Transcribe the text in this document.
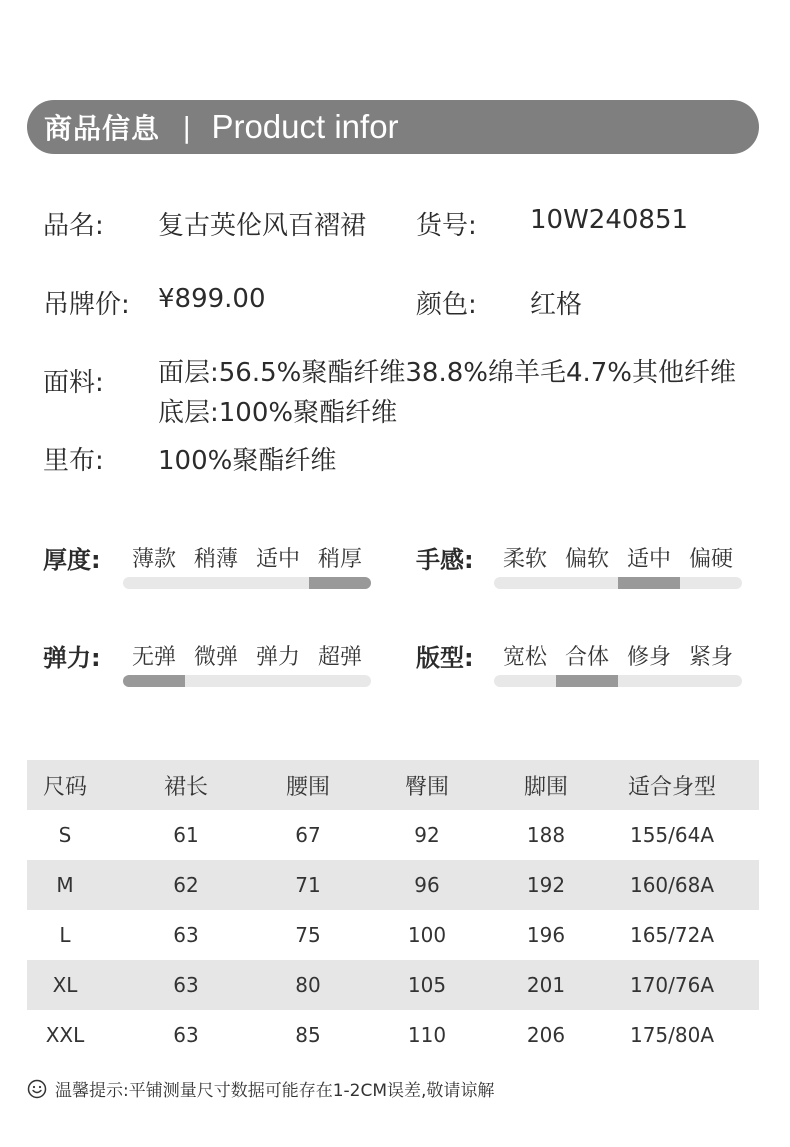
商品信息 | Product infor
品名: 复古英伦风百褶裙 货号: 10W240851
吊牌价: ¥899.00	颜色: 红格
面料: 面层:56.5%聚酯纤维38.8%绵羊毛4.7%其他纤维
底层:100%聚酯纤维
里布: 100%聚酯纤维
厚度:	薄款 稍薄 适中 稍厚	手感:	柔软 偏软 适中 偏硬
弹力:	无弹 微弹 弹力 超弹	版型:	宽松 合体 修身 紧身
尺码	裙长	腰围	臀围	脚围	适合身型
S	61	67	92	188	155/64A
M	62	71	96	192	160/68A
L	63	75	100	196	165/72A
XL	63	80	105	201	170/76A
XXL	63	85	110	206	175/80A
温馨提示:平铺测量尺寸数据可能存在1-2CM误差,敬请谅解
